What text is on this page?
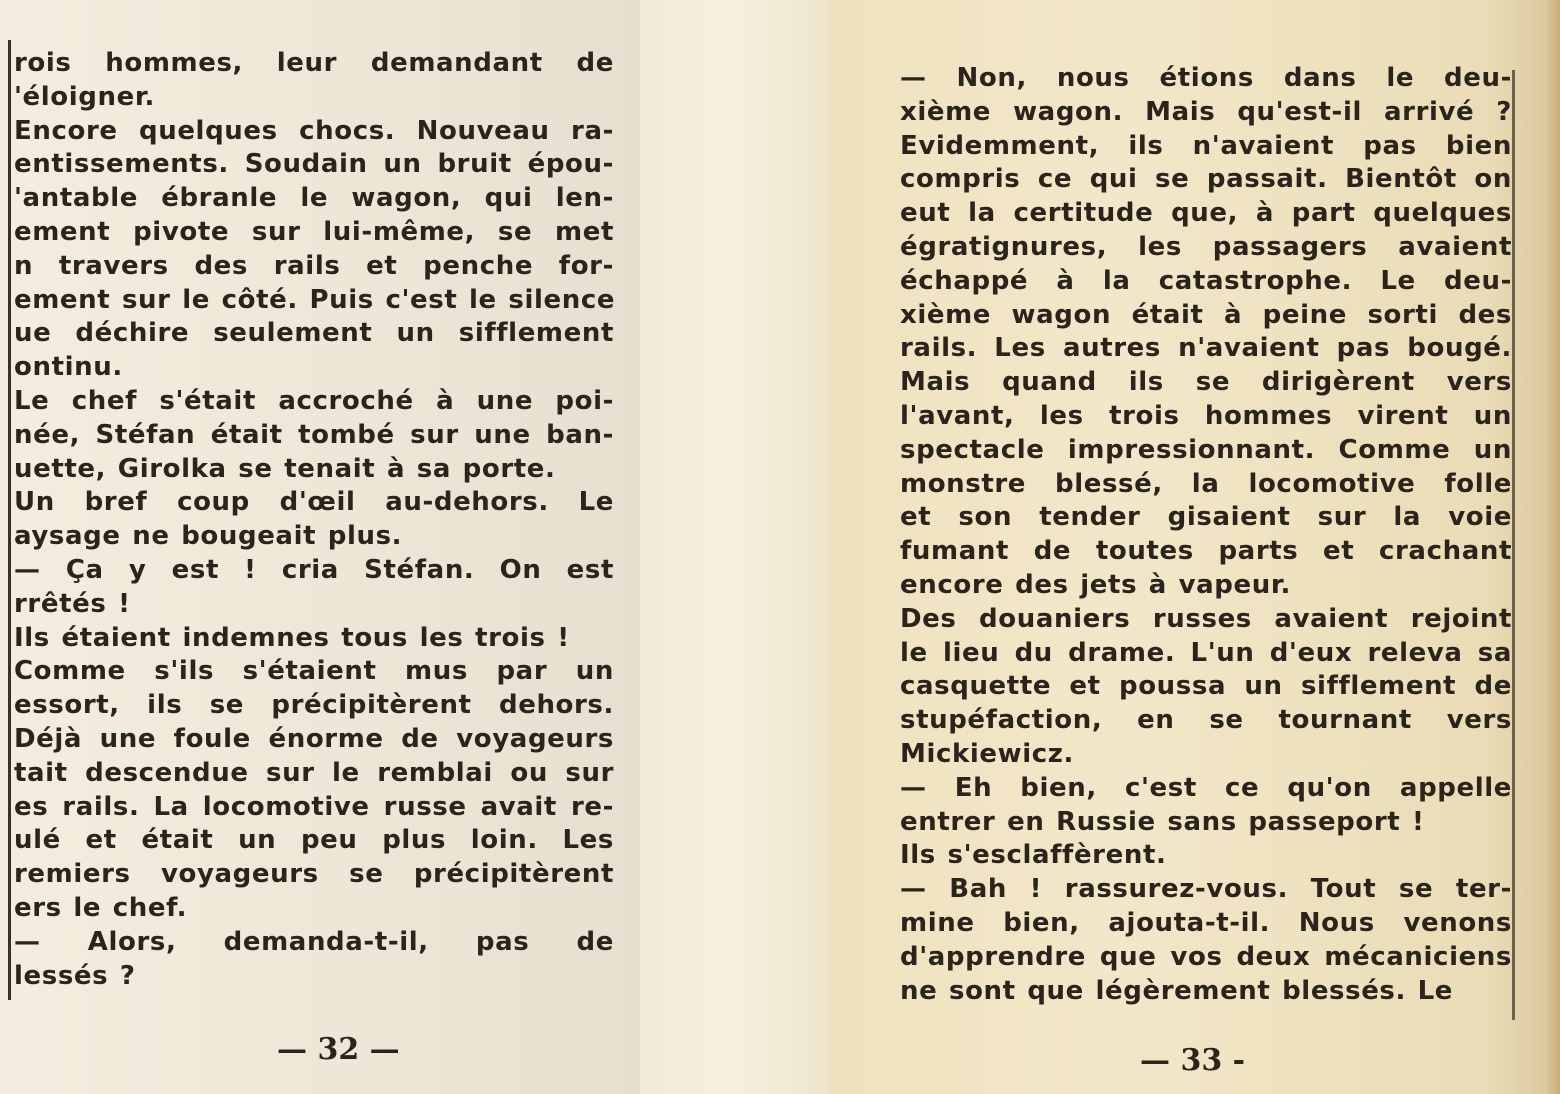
rois hommes, leur demandant de
'éloigner.
Encore quelques chocs. Nouveau ra-
entissements. Soudain un bruit épou-
'antable ébranle le wagon, qui len-
ement pivote sur lui-même, se met
n travers des rails et penche for-
ement sur le côté. Puis c'est le silence
ue déchire seulement un sifflement
ontinu.
Le chef s'était accroché à une poi-
née, Stéfan était tombé sur une ban-
uette, Girolka se tenait à sa porte.
Un bref coup d'œil au-dehors. Le
aysage ne bougeait plus.
— Ça y est ! cria Stéfan. On est
rrêtés !
Ils étaient indemnes tous les trois !
Comme s'ils s'étaient mus par un
essort, ils se précipitèrent dehors.
Déjà une foule énorme de voyageurs
tait descendue sur le remblai ou sur
es rails. La locomotive russe avait re-
ulé et était un peu plus loin. Les
remiers voyageurs se précipitèrent
ers le chef.
— Alors, demanda-t-il, pas de
lessés ?
— 32 —
— Non, nous étions dans le deu-
xième wagon. Mais qu'est-il arrivé ?
Evidemment, ils n'avaient pas bien
compris ce qui se passait. Bientôt on
eut la certitude que, à part quelques
égratignures, les passagers avaient
échappé à la catastrophe. Le deu-
xième wagon était à peine sorti des
rails. Les autres n'avaient pas bougé.
Mais quand ils se dirigèrent vers
l'avant, les trois hommes virent un
spectacle impressionnant. Comme un
monstre blessé, la locomotive folle
et son tender gisaient sur la voie
fumant de toutes parts et crachant
encore des jets à vapeur.
Des douaniers russes avaient rejoint
le lieu du drame. L'un d'eux releva sa
casquette et poussa un sifflement de
stupéfaction, en se tournant vers
Mickiewicz.
— Eh bien, c'est ce qu'on appelle
entrer en Russie sans passeport !
Ils s'esclaffèrent.
— Bah ! rassurez-vous. Tout se ter-
mine bien, ajouta-t-il. Nous venons
d'apprendre que vos deux mécaniciens
ne sont que légèrement blessés. Le
— 33 -
